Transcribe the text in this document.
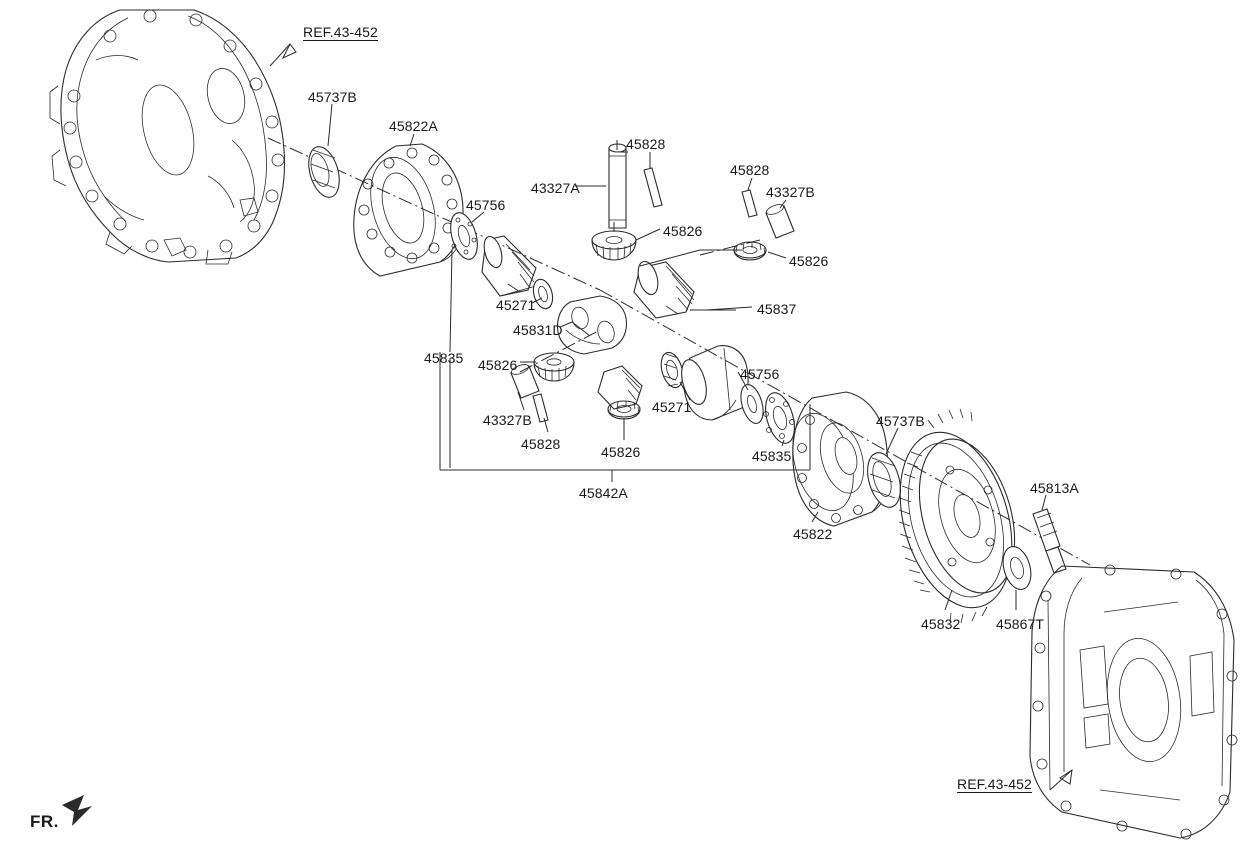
REF.43-452
45737B
45822A
45828
43327A
45828
43327B
45756
45826
45826
45271	45837
45831D
45835 45826
45756
45271
43327B
45828	45826	45835
45737B
45842A	45813A
45822
45832	45867T
REF.43-452
FR.
